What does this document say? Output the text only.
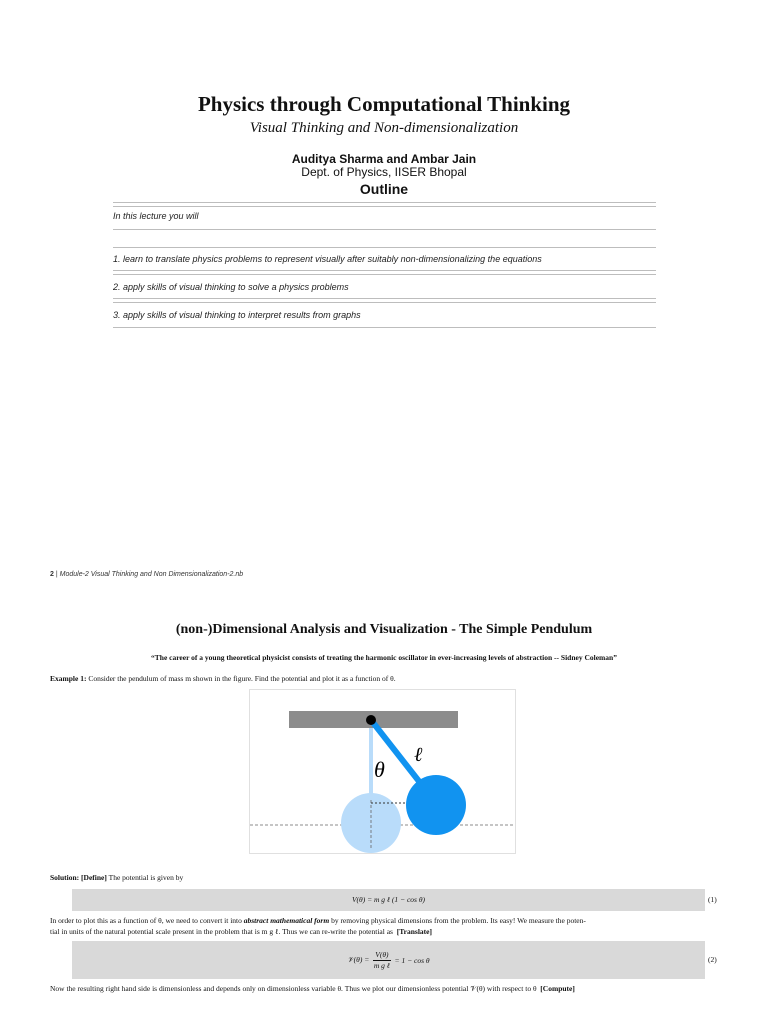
Physics through Computational Thinking
Visual Thinking and Non-dimensionalization
Auditya Sharma and Ambar Jain
Dept. of Physics, IISER Bhopal
Outline
In this lecture you will
1. learn to translate physics problems to represent visually after suitably non-dimensionalizing the equations
2. apply skills of visual thinking to solve a physics problems
3. apply skills of visual thinking to interpret results from graphs
2 | Module-2 Visual Thinking and Non Dimensionalization-2.nb
(non-)Dimensional Analysis and Visualization - The Simple Pendulum
“The career of a young theoretical physicist consists of treating the harmonic oscillator in ever-increasing levels of abstraction -- Sidney Coleman”
Example 1: Consider the pendulum of mass m shown in the figure. Find the potential and plot it as a function of θ.
θ
ℓ
Solution: [Define] The potential is given by
V(θ) = m g ℓ (1 − cos θ)	(1)
In order to plot this as a function of θ, we need to convert it into abstract mathematical form by removing physical dimensions from the problem. Its easy! We measure the poten-
tial in units of the natural potential scale present in the problem that is m g ℓ. Thus we can re-write the potential as [Translate]
𝒱(θ) =
V(θ)
m g ℓ
= 1 − cos θ	(2)
Now the resulting right hand side is dimensionless and depends only on dimensionless variable θ. Thus we plot our dimensionless potential 𝒱(θ) with respect to θ [Compute]
